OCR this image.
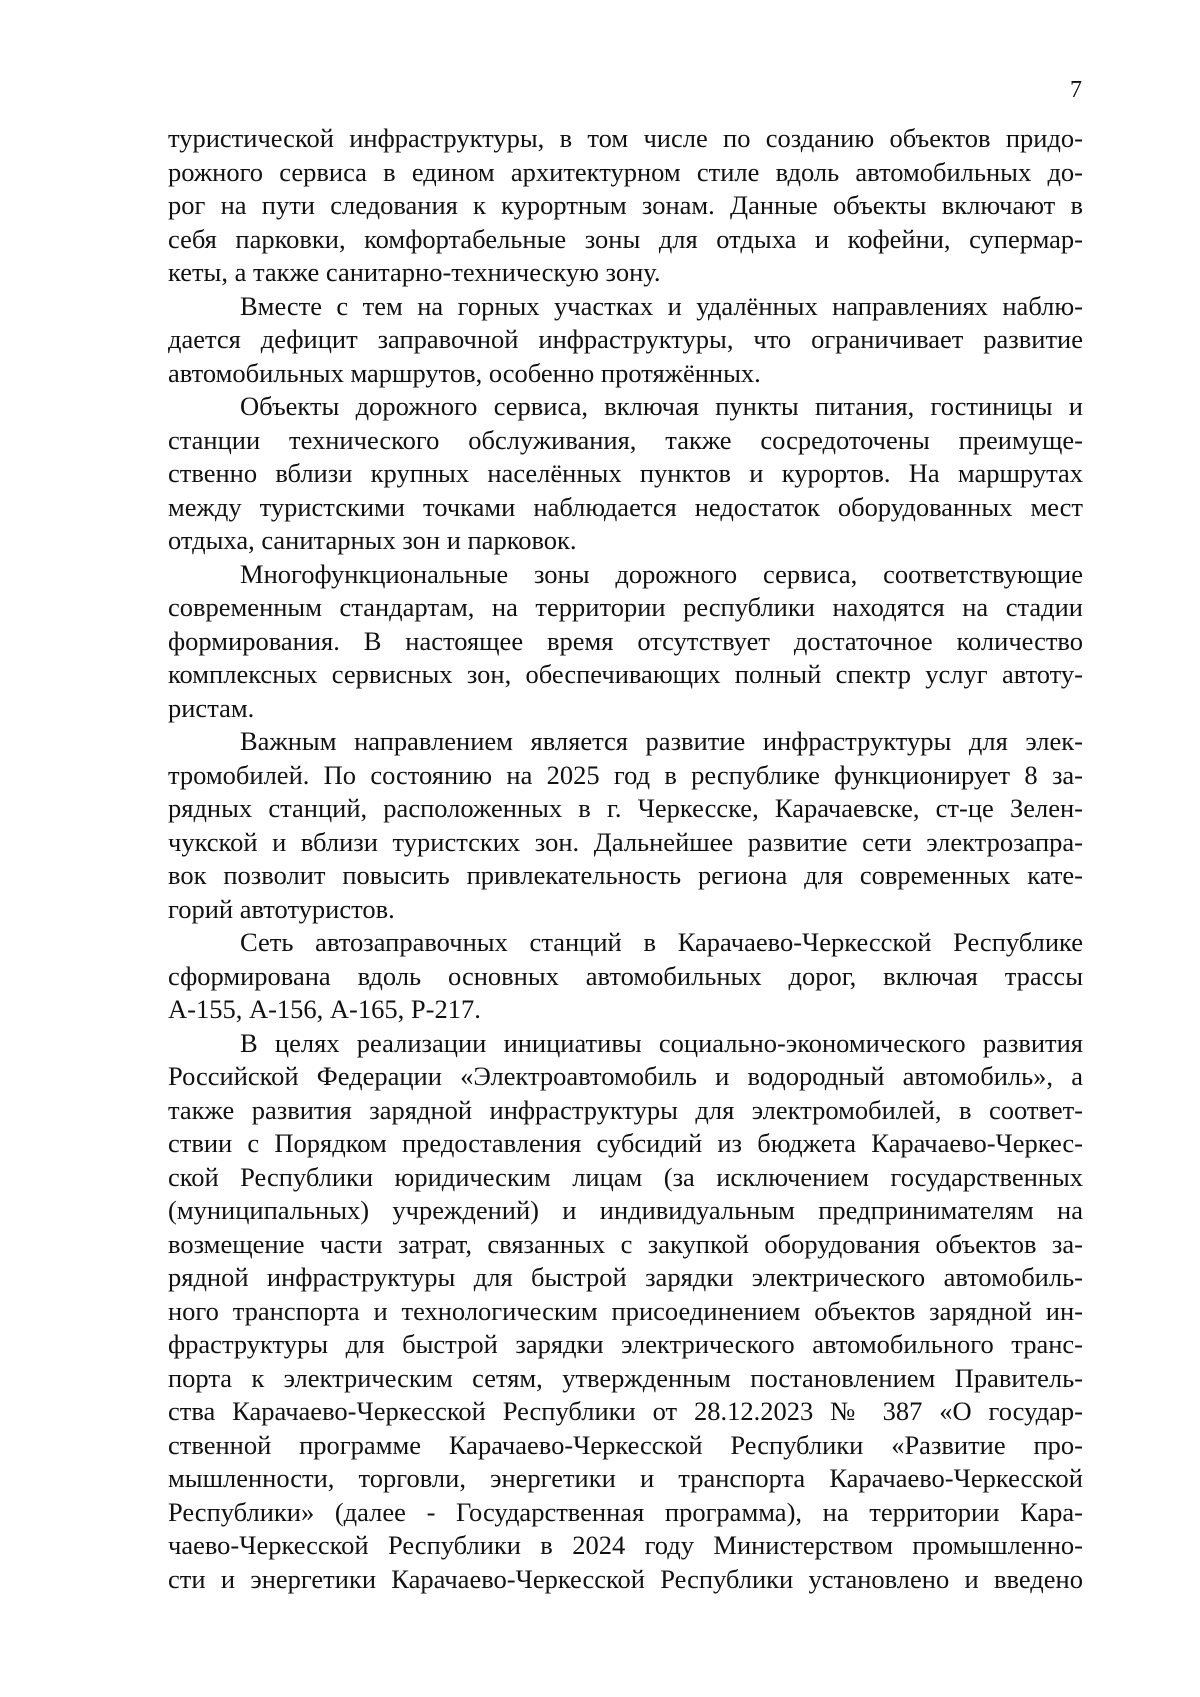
7
туристической инфраструктуры, в том числе по созданию объектов придо-
рожного сервиса в едином архитектурном стиле вдоль автомобильных до-
рог на пути следования к курортным зонам. Данные объекты включают в
себя парковки, комфортабельные зоны для отдыха и кофейни, супермар-
кеты, а также санитарно-техническую зону.
Вместе с тем на горных участках и удалённых направлениях наблю-
дается дефицит заправочной инфраструктуры, что ограничивает развитие
автомобильных маршрутов, особенно протяжённых.
Объекты дорожного сервиса, включая пункты питания, гостиницы и
станции технического обслуживания, также сосредоточены преимуще-
ственно вблизи крупных населённых пунктов и курортов. На маршрутах
между туристскими точками наблюдается недостаток оборудованных мест
отдыха, санитарных зон и парковок.
Многофункциональные зоны дорожного сервиса, соответствующие
современным стандартам, на территории республики находятся на стадии
формирования. В настоящее время отсутствует достаточное количество
комплексных сервисных зон, обеспечивающих полный спектр услуг автоту-
ристам.
Важным направлением является развитие инфраструктуры для элек-
тромобилей. По состоянию на 2025 год в республике функционирует 8 за-
рядных станций, расположенных в г. Черкесске, Карачаевске, ст-це Зелен-
чукской и вблизи туристских зон. Дальнейшее развитие сети электрозапра-
вок позволит повысить привлекательность региона для современных кате-
горий автотуристов.
Сеть автозаправочных станций в Карачаево-Черкесской Республике
сформирована вдоль основных автомобильных дорог, включая трассы
А-155, А-156, А-165, Р-217.
В целях реализации инициативы социально-экономического развития
Российской Федерации «Электроавтомобиль и водородный автомобиль», а
также развития зарядной инфраструктуры для электромобилей, в соответ-
ствии с Порядком предоставления субсидий из бюджета Карачаево-Черкес-
ской Республики юридическим лицам (за исключением государственных
(муниципальных) учреждений) и индивидуальным предпринимателям на
возмещение части затрат, связанных с закупкой оборудования объектов за-
рядной инфраструктуры для быстрой зарядки электрического автомобиль-
ного транспорта и технологическим присоединением объектов зарядной ин-
фраструктуры для быстрой зарядки электрического автомобильного транс-
порта к электрическим сетям, утвержденным постановлением Правитель-
ства Карачаево-Черкесской Республики от 28.12.2023 № 387 «О государ-
ственной программе Карачаево-Черкесской Республики «Развитие про-
мышленности, торговли, энергетики и транспорта Карачаево-Черкесской
Республики» (далее - Государственная программа), на территории Кара-
чаево-Черкесской Республики в 2024 году Министерством промышленно-
сти и энергетики Карачаево-Черкесской Республики установлено и введено
